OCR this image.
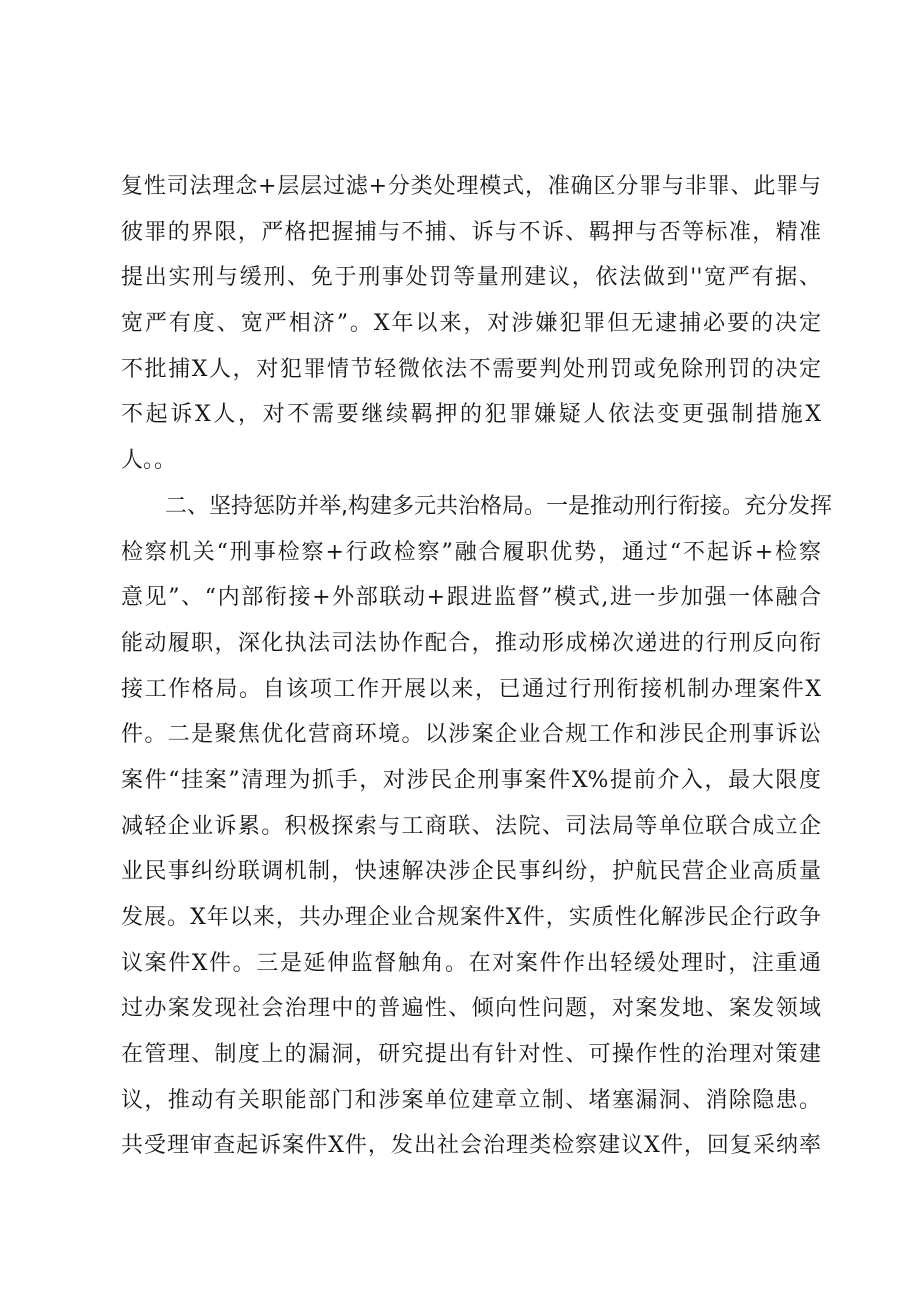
复性司法理念+层层过滤+分类处理模式，准确区分罪与非罪、此罪与
彼罪的界限，严格把握捕与不捕、诉与不诉、羁押与否等标准，精准
提出实刑与缓刑、免于刑事处罚等量刑建议，依法做到''宽严有据、
宽严有度、宽严相济”。X年以来，对涉嫌犯罪但无逮捕必要的决定
不批捕X人，对犯罪情节轻微依法不需要判处刑罚或免除刑罚的决定
不起诉X人，对不需要继续羁押的犯罪嫌疑人依法变更强制措施X
人。。
二、坚持惩防并举,构建多元共治格局。一是推动刑行衔接。充分发挥
检察机关“刑事检察+行政检察”融合履职优势，通过“不起诉+检察
意见”、“内部衔接+外部联动+跟进监督”模式,进一步加强一体融合
能动履职，深化执法司法协作配合，推动形成梯次递进的行刑反向衔
接工作格局。自该项工作开展以来，已通过行刑衔接机制办理案件X
件。二是聚焦优化营商环境。以涉案企业合规工作和涉民企刑事诉讼
案件“挂案”清理为抓手，对涉民企刑事案件X%提前介入，最大限度
减轻企业诉累。积极探索与工商联、法院、司法局等单位联合成立企
业民事纠纷联调机制，快速解决涉企民事纠纷，护航民营企业高质量
发展。X年以来，共办理企业合规案件X件，实质性化解涉民企行政争
议案件X件。三是延伸监督触角。在对案件作出轻缓处理时，注重通
过办案发现社会治理中的普遍性、倾向性问题，对案发地、案发领域
在管理、制度上的漏洞，研究提出有针对性、可操作性的治理对策建
议，推动有关职能部门和涉案单位建章立制、堵塞漏洞、消除隐患。
共受理审查起诉案件X件，发出社会治理类检察建议X件，回复采纳率
